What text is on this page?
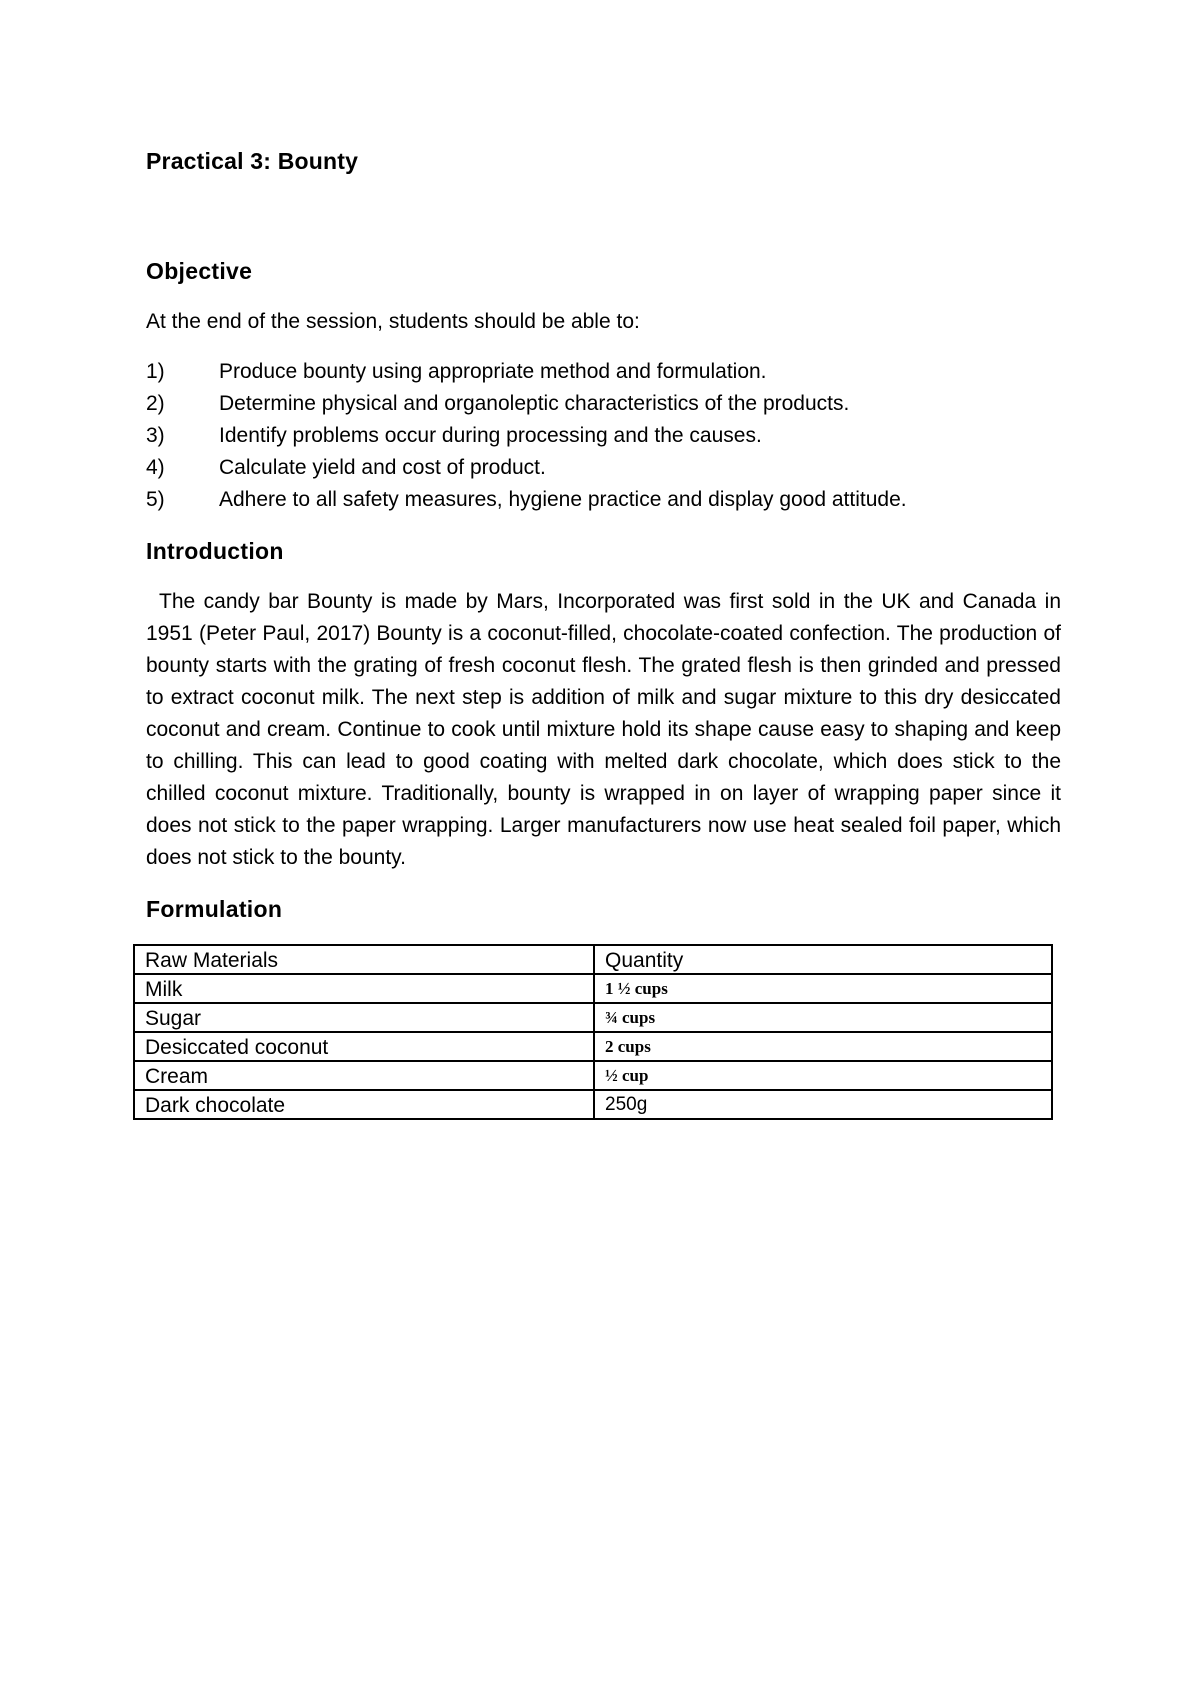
Practical 3: Bounty
Objective
At the end of the session, students should be able to:
1)	Produce bounty using appropriate method and formulation.
2)	Determine physical and organoleptic characteristics of the products.
3)	Identify problems occur during processing and the causes.
4)	Calculate yield and cost of product.
5)	Adhere to all safety measures, hygiene practice and display good attitude.
Introduction

The candy bar Bounty is made by Mars, Incorporated was first sold in the UK and Canada in 1951 (Peter Paul, 2017) Bounty is a coconut-filled, chocolate-coated confection. The production of bounty starts with the grating of fresh coconut flesh. The grated flesh is then grinded and pressed to extract coconut milk. The next step is addition of milk and sugar mixture to this dry desiccated coconut and cream. Continue to cook until mixture hold its shape cause easy to shaping and keep to chilling. This can lead to good coating with melted dark chocolate, which does stick to the chilled coconut mixture. Traditionally, bounty is wrapped in on layer of wrapping paper since it does not stick to the paper wrapping. Larger manufacturers now use heat sealed foil paper, which does not stick to the bounty.

Formulation
Raw Materials	Quantity
Milk	1 ½ cups
Sugar	¾ cups
Desiccated coconut	2 cups
Cream	½ cup
Dark chocolate	250g
